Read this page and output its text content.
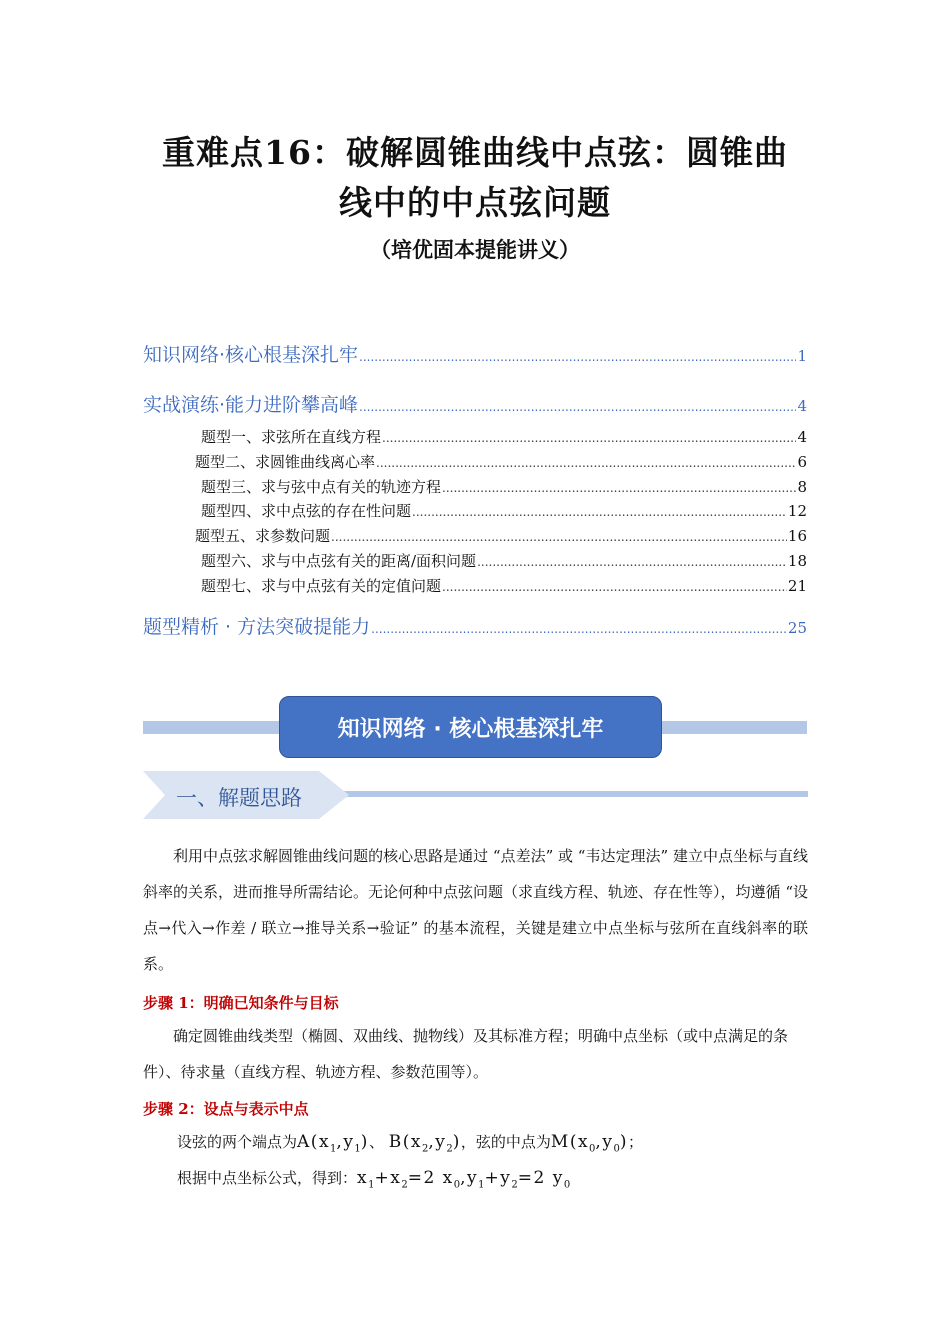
重难点16：破解圆锥曲线中点弦：圆锥曲
线中的中点弦问题
（培优固本提能讲义）
知识网络·核心根基深扎牢 .....	1
实战演练·能力进阶攀高峰 .....	4
题型一、求弦所在直线方程 .....	4
题型二、求圆锥曲线离心率 .....	6
题型三、求与弦中点有关的轨迹方程 .....	8
题型四、求中点弦的存在性问题 .....	12
题型五、求参数问题 .....	16
题型六、求与中点弦有关的距离/面积问题 .....	18
题型七、求与中点弦有关的定值问题 .....	21
题型精析 · 方法突破提能力 .....	25
知识网络 · 核心根基深扎牢
一、解题思路
利用中点弦求解圆锥曲线问题的核心思路是通过 “点差法” 或 “韦达定理法” 建立中点坐标与直线斜率的关系，进而推导所需结论。无论何种中点弦问题（求直线方程、轨迹、存在性等），均遵循 “设点→代入→作差 / 联立→推导关系→验证” 的基本流程，关键是建立中点坐标与弦所在直线斜率的联系。
步骤 1：明确已知条件与目标
确定圆锥曲线类型（椭圆、双曲线、抛物线）及其标准方程；明确中点坐标（或中点满足的条件）、待求量（直线方程、轨迹方程、参数范围等）。
步骤 2：设点与表示中点
设弦的两个端点为$A(x_1,y_1)$、 $B(x_2,y_2)$，弦的中点为$M(x_0,y_0)$；
根据中点坐标公式，得到：$x_1+x_2=2$ $x_0,y_1+y_2=2$ $y_0$
